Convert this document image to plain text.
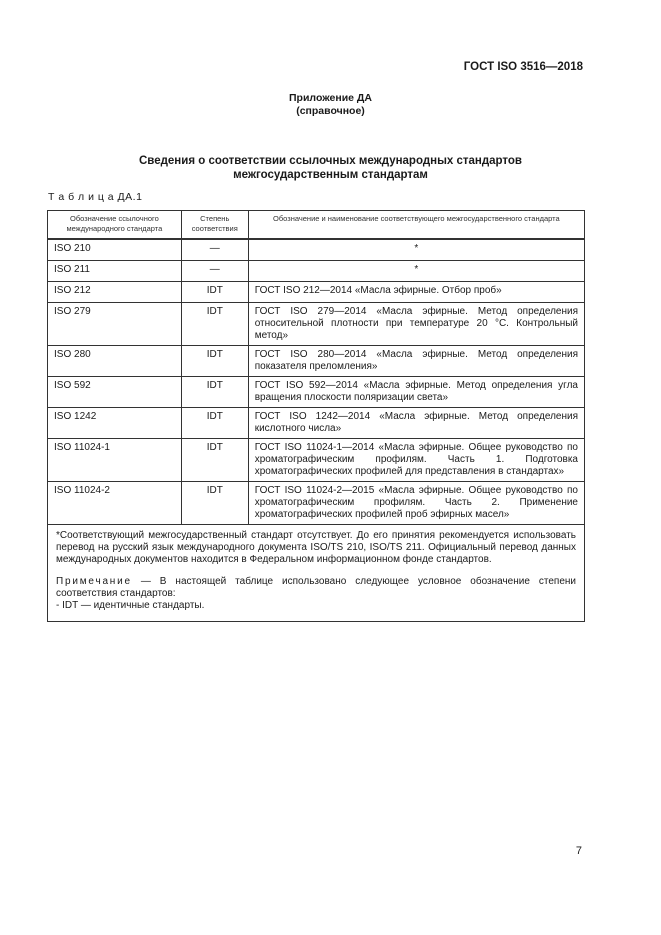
ГОСТ ISO 3516—2018
Приложение ДА
(справочное)
Сведения о соответствии ссылочных международных стандартов
межгосударственным стандартам
Т а б л и ц а ДА.1
Обозначение ссылочного международного стандарта	Степень соответствия	Обозначение и наименование соответствующего межгосударственного стандарта
ISO 210	—	*
ISO 211	—	*
ISO 212	IDT	ГОСТ ISO 212—2014 «Масла эфирные. Отбор проб»
ISO 279	IDT	ГОСТ ISO 279—2014 «Масла эфирные. Метод определения относительной плотности при температуре 20 °С. Контрольный метод»
ISO 280	IDT	ГОСТ ISO 280—2014 «Масла эфирные. Метод определения показателя преломления»
ISO 592	IDT	ГОСТ ISO 592—2014 «Масла эфирные. Метод определения угла вращения плоскости поляризации света»
ISO 1242	IDT	ГОСТ ISO 1242—2014 «Масла эфирные. Метод определения кислотного числа»
ISO 11024-1	IDT	ГОСТ ISO 11024-1—2014 «Масла эфирные. Общее руководство по хроматографическим профилям. Часть 1. Подготовка хроматографических профилей для представления в стандартах»
ISO 11024-2	IDT	ГОСТ ISO 11024-2—2015 «Масла эфирные. Общее руководство по хроматографическим профилям. Часть 2. Применение хроматографических профилей проб эфирных масел»

*Соответствующий межгосударственный стандарт отсутствует. До его принятия рекомендуется использовать перевод на русский язык международного документа ISO/TS 210, ISO/TS 211. Официальный перевод данных международных документов находится в Федеральном информационном фонде стандартов.

Примечание — В настоящей таблице использовано следующее условное обозначение степени соответствия стандартов:

- IDT — идентичные стандарты.		

7
